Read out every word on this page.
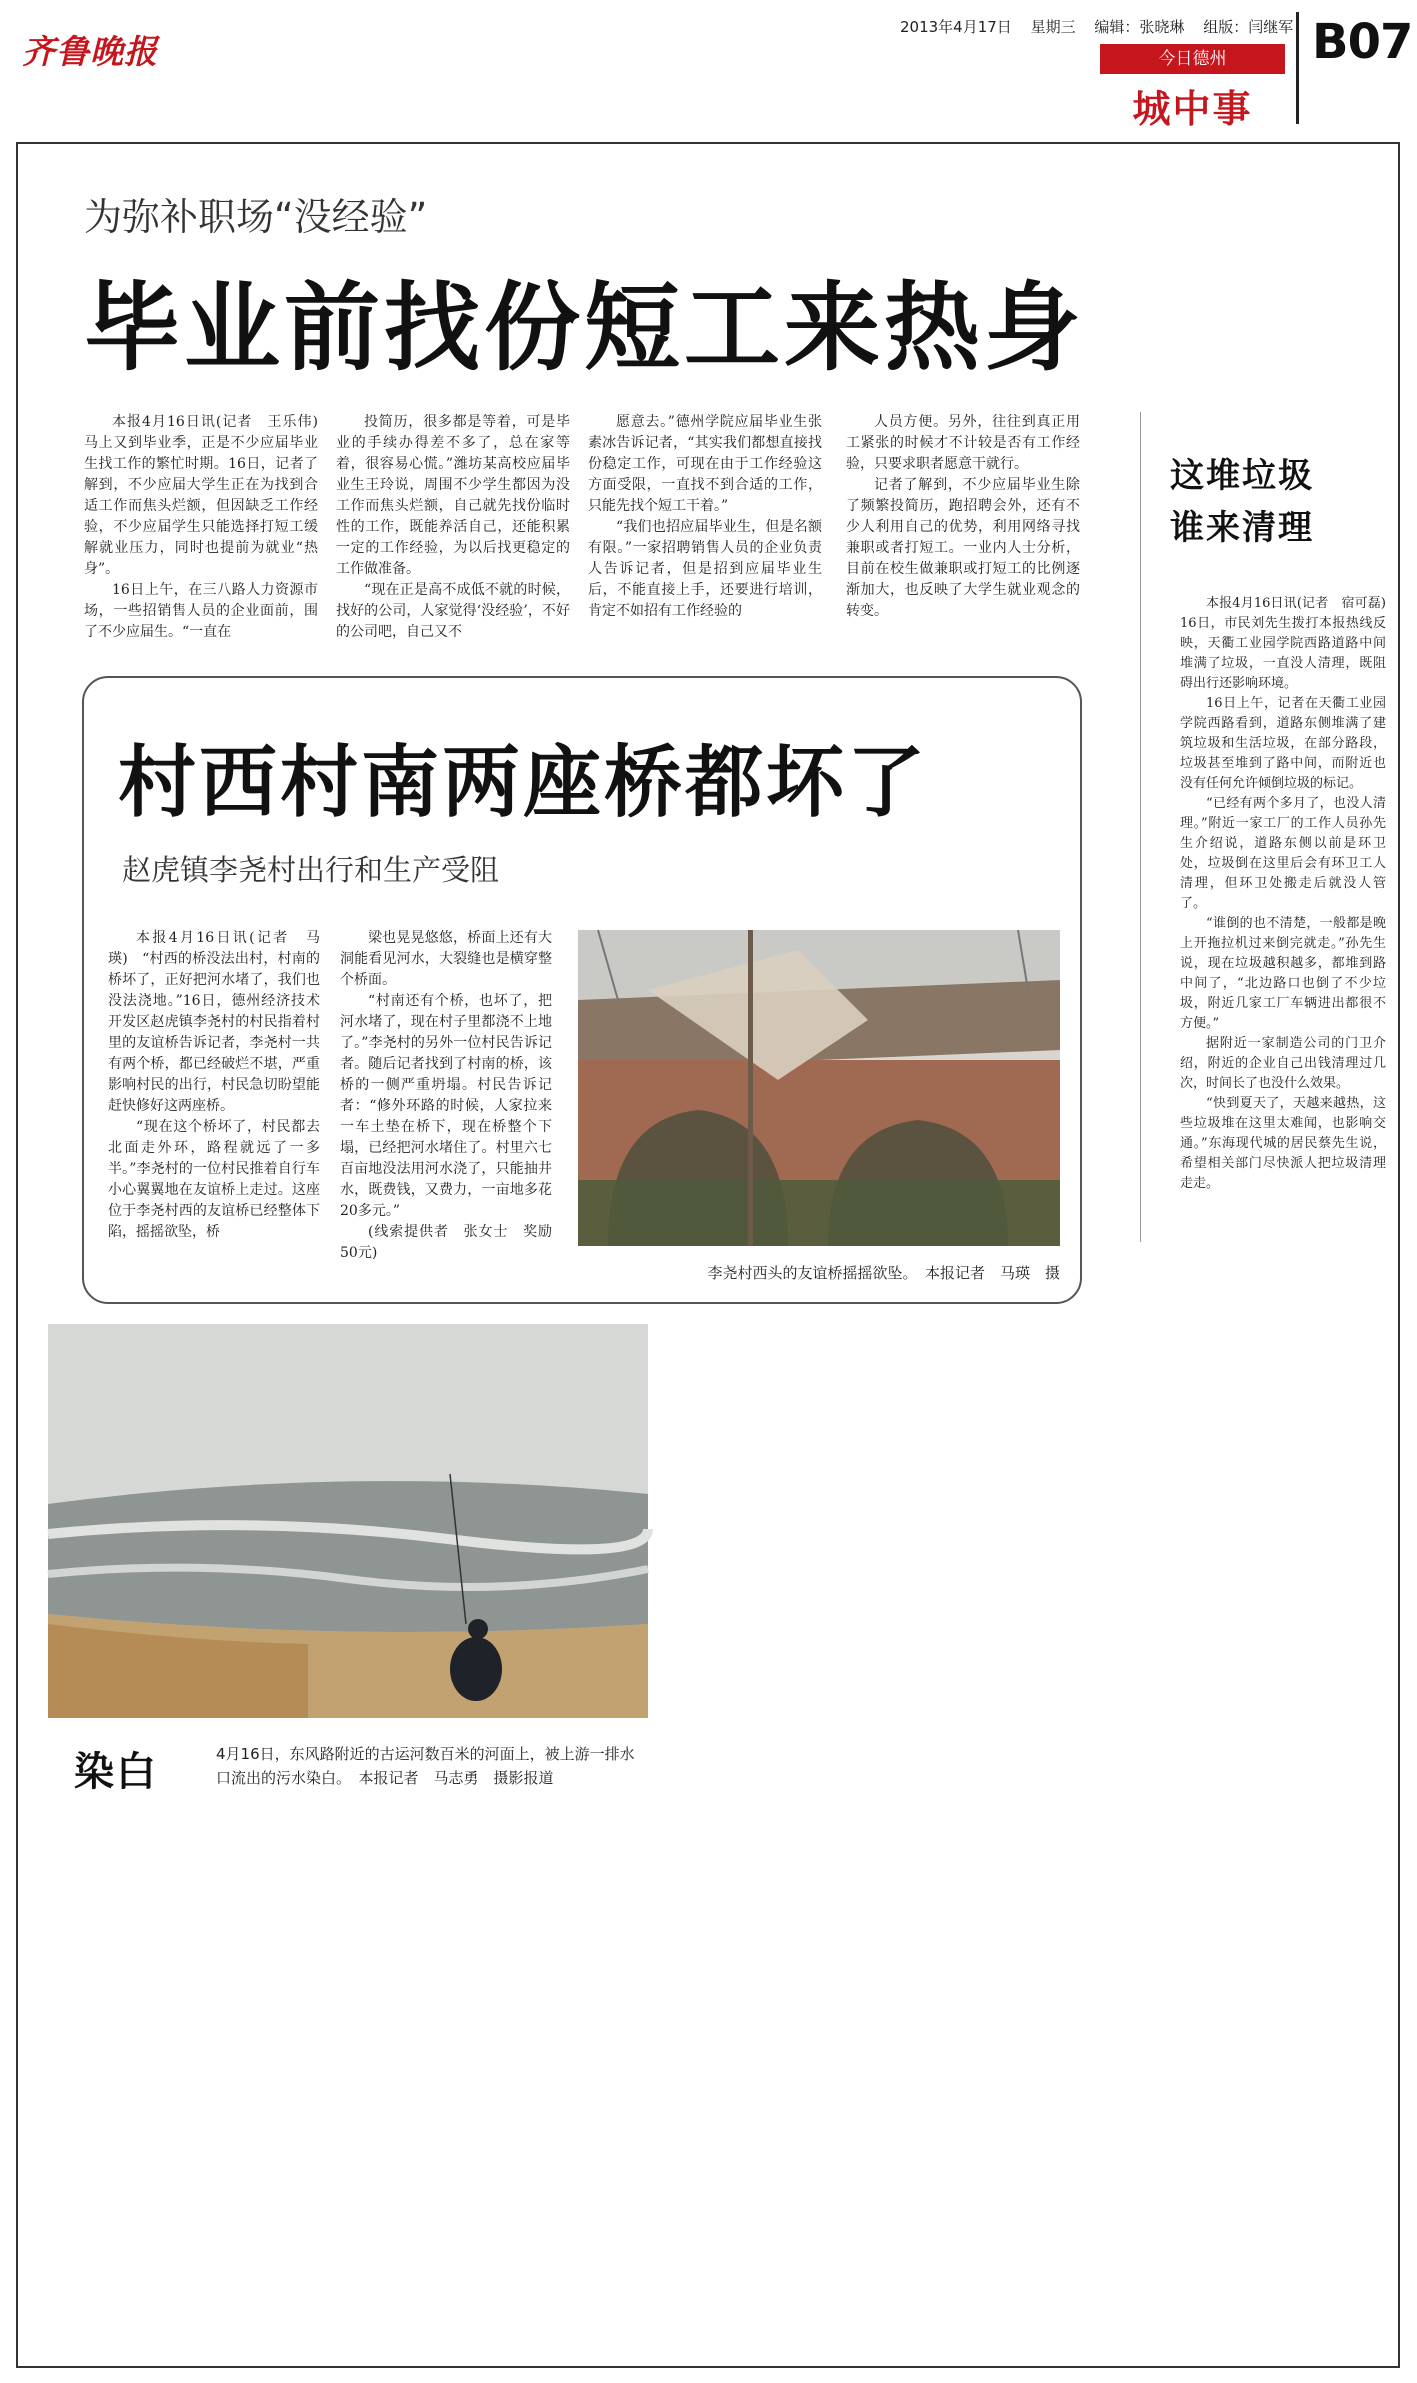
齐鲁晚报
2013年4月17日 星期三 编辑：张晓琳 组版：闫继军
今日德州
城中事
B07
为弥补职场“没经验”
毕业前找份短工来热身

本报4月16日讯(记者　王乐伟)　马上又到毕业季，正是不少应届毕业生找工作的繁忙时期。16日，记者了解到，不少应届大学生正在为找到合适工作而焦头烂额，但因缺乏工作经验，不少应届学生只能选择打短工缓解就业压力，同时也提前为就业“热身”。

16日上午，在三八路人力资源市场，一些招销售人员的企业面前，围了不少应届生。“一直在

投简历，很多都是等着，可是毕业的手续办得差不多了，总在家等着，很容易心慌。”潍坊某高校应届毕业生王玲说，周围不少学生都因为没工作而焦头烂额，自己就先找份临时性的工作，既能养活自己，还能积累一定的工作经验，为以后找更稳定的工作做准备。

“现在正是高不成低不就的时候，找好的公司，人家觉得‘没经验’，不好的公司吧，自己又不

愿意去。”德州学院应届毕业生张素冰告诉记者，“其实我们都想直接找份稳定工作，可现在由于工作经验这方面受限，一直找不到合适的工作，只能先找个短工干着。”

“我们也招应届毕业生，但是名额有限。”一家招聘销售人员的企业负责人告诉记者，但是招到应届毕业生后，不能直接上手，还要进行培训，肯定不如招有工作经验的

人员方便。另外，往往到真正用工紧张的时候才不计较是否有工作经验，只要求职者愿意干就行。

记者了解到，不少应届毕业生除了频繁投简历，跑招聘会外，还有不少人利用自己的优势，利用网络寻找兼职或者打短工。一业内人士分析，目前在校生做兼职或打短工的比例逐渐加大，也反映了大学生就业观念的转变。

这堆垃圾
谁来清理

本报4月16日讯(记者　宿可磊)　16日，市民刘先生拨打本报热线反映，天衢工业园学院西路道路中间堆满了垃圾，一直没人清理，既阻碍出行还影响环境。

16日上午，记者在天衢工业园学院西路看到，道路东侧堆满了建筑垃圾和生活垃圾，在部分路段，垃圾甚至堆到了路中间，而附近也没有任何允许倾倒垃圾的标记。

“已经有两个多月了，也没人清理。”附近一家工厂的工作人员孙先生介绍说，道路东侧以前是环卫处，垃圾倒在这里后会有环卫工人清理，但环卫处搬走后就没人管了。

“谁倒的也不清楚，一般都是晚上开拖拉机过来倒完就走。”孙先生说，现在垃圾越积越多，都堆到路中间了，“北边路口也倒了不少垃圾，附近几家工厂车辆进出都很不方便。”

据附近一家制造公司的门卫介绍，附近的企业自己出钱清理过几次，时间长了也没什么效果。

“快到夏天了，天越来越热，这些垃圾堆在这里太难闻，也影响交通。”东海现代城的居民蔡先生说，希望相关部门尽快派人把垃圾清理走走。

村西村南两座桥都坏了
赵虎镇李尧村出行和生产受阻

本报4月16日讯(记者　马瑛)　“村西的桥没法出村，村南的桥坏了，正好把河水堵了，我们也没法浇地。”16日，德州经济技术开发区赵虎镇李尧村的村民指着村里的友谊桥告诉记者，李尧村一共有两个桥，都已经破烂不堪，严重影响村民的出行，村民急切盼望能赶快修好这两座桥。

“现在这个桥坏了，村民都去北面走外环，路程就远了一多半。”李尧村的一位村民推着自行车小心翼翼地在友谊桥上走过。这座位于李尧村西的友谊桥已经整体下陷，摇摇欲坠，桥

梁也晃晃悠悠，桥面上还有大洞能看见河水，大裂缝也是横穿整个桥面。

“村南还有个桥，也坏了，把河水堵了，现在村子里都浇不上地了。”李尧村的另外一位村民告诉记者。随后记者找到了村南的桥，该桥的一侧严重坍塌。村民告诉记者：“修外环路的时候，人家拉来一车土垫在桥下，现在桥整个下塌，已经把河水堵住了。村里六七百亩地没法用河水浇了，只能抽井水，既费钱，又费力，一亩地多花20多元。”

(线索提供者　张女士　奖励　50元)

李尧村西头的友谊桥摇摇欲坠。　本报记者　马瑛　摄
染白	4月16日，东风路附近的古运河数百米的河面上，被上游一排水口流出的污水染白。　本报记者　马志勇　摄影报道
